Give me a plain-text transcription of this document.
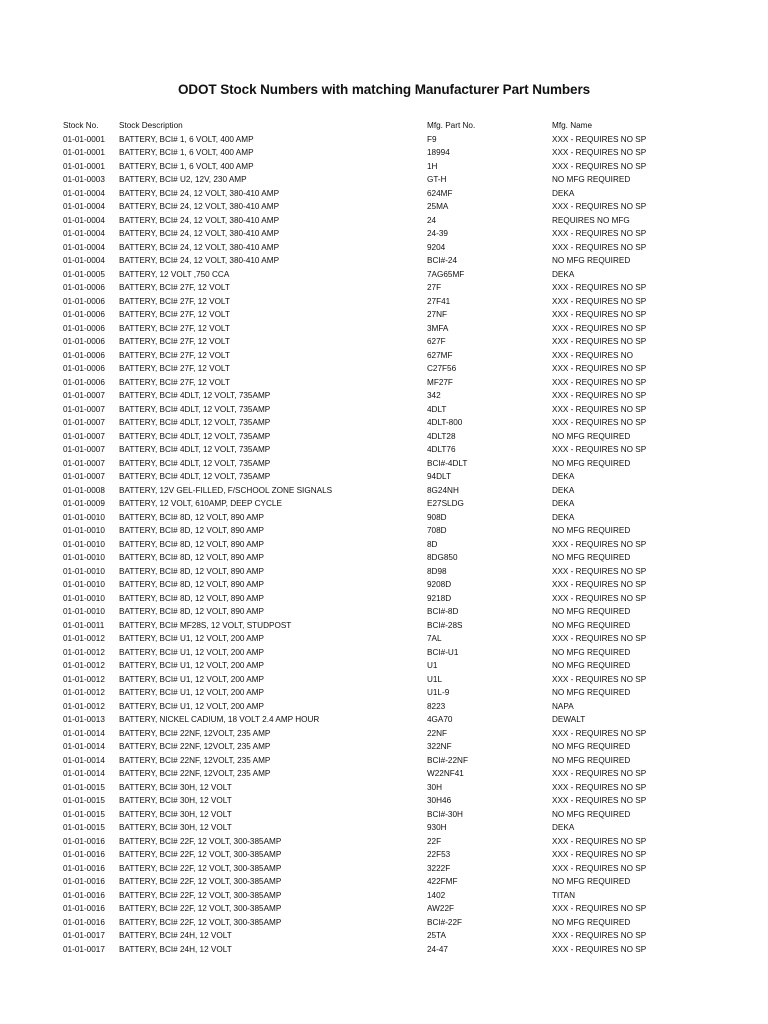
ODOT Stock Numbers with matching Manufacturer Part Numbers
Stock No.	Stock Description	Mfg. Part No.	Mfg. Name
01-01-0001 BATTERY, BCI# 1, 6 VOLT, 400 AMP	F9	XXX - REQUIRES NO SP
01-01-0001 BATTERY, BCI# 1, 6 VOLT, 400 AMP	18994	XXX - REQUIRES NO SP
01-01-0001 BATTERY, BCI# 1, 6 VOLT, 400 AMP	1H	XXX - REQUIRES NO SP
01-01-0003 BATTERY, BCI# U2, 12V, 230 AMP	GT-H	NO MFG REQUIRED
01-01-0004 BATTERY, BCI# 24, 12 VOLT, 380-410 AMP	624MF	DEKA
01-01-0004 BATTERY, BCI# 24, 12 VOLT, 380-410 AMP	25MA	XXX - REQUIRES NO SP
01-01-0004 BATTERY, BCI# 24, 12 VOLT, 380-410 AMP	24	REQUIRES NO MFG
01-01-0004 BATTERY, BCI# 24, 12 VOLT, 380-410 AMP	24-39	XXX - REQUIRES NO SP
01-01-0004 BATTERY, BCI# 24, 12 VOLT, 380-410 AMP	9204	XXX - REQUIRES NO SP
01-01-0004 BATTERY, BCI# 24, 12 VOLT, 380-410 AMP	BCI#-24	NO MFG REQUIRED
01-01-0005 BATTERY, 12 VOLT ,750 CCA	7AG65MF	DEKA
01-01-0006 BATTERY, BCI# 27F, 12 VOLT	27F	XXX - REQUIRES NO SP
01-01-0006 BATTERY, BCI# 27F, 12 VOLT	27F41	XXX - REQUIRES NO SP
01-01-0006 BATTERY, BCI# 27F, 12 VOLT	27NF	XXX - REQUIRES NO SP
01-01-0006 BATTERY, BCI# 27F, 12 VOLT	3MFA	XXX - REQUIRES NO SP
01-01-0006 BATTERY, BCI# 27F, 12 VOLT	627F	XXX - REQUIRES NO SP
01-01-0006 BATTERY, BCI# 27F, 12 VOLT	627MF	XXX - REQUIRES NO
01-01-0006 BATTERY, BCI# 27F, 12 VOLT	C27F56	XXX - REQUIRES NO SP
01-01-0006 BATTERY, BCI# 27F, 12 VOLT	MF27F	XXX - REQUIRES NO SP
01-01-0007 BATTERY, BCI# 4DLT, 12 VOLT, 735AMP	342	XXX - REQUIRES NO SP
01-01-0007 BATTERY, BCI# 4DLT, 12 VOLT, 735AMP	4DLT	XXX - REQUIRES NO SP
01-01-0007 BATTERY, BCI# 4DLT, 12 VOLT, 735AMP	4DLT-800	XXX - REQUIRES NO SP
01-01-0007 BATTERY, BCI# 4DLT, 12 VOLT, 735AMP	4DLT28	NO MFG REQUIRED
01-01-0007 BATTERY, BCI# 4DLT, 12 VOLT, 735AMP	4DLT76	XXX - REQUIRES NO SP
01-01-0007 BATTERY, BCI# 4DLT, 12 VOLT, 735AMP	BCI#-4DLT	NO MFG REQUIRED
01-01-0007 BATTERY, BCI# 4DLT, 12 VOLT, 735AMP	94DLT	DEKA
01-01-0008 BATTERY, 12V GEL-FILLED, F/SCHOOL ZONE SIGNALS	8G24NH	DEKA
01-01-0009 BATTERY, 12 VOLT, 610AMP, DEEP CYCLE	E27SLDG	DEKA
01-01-0010 BATTERY, BCI# 8D, 12 VOLT, 890 AMP	908D	DEKA
01-01-0010 BATTERY, BCI# 8D, 12 VOLT, 890 AMP	708D	NO MFG REQUIRED
01-01-0010 BATTERY, BCI# 8D, 12 VOLT, 890 AMP	8D	XXX - REQUIRES NO SP
01-01-0010 BATTERY, BCI# 8D, 12 VOLT, 890 AMP	8DG850	NO MFG REQUIRED
01-01-0010 BATTERY, BCI# 8D, 12 VOLT, 890 AMP	8D98	XXX - REQUIRES NO SP
01-01-0010 BATTERY, BCI# 8D, 12 VOLT, 890 AMP	9208D	XXX - REQUIRES NO SP
01-01-0010 BATTERY, BCI# 8D, 12 VOLT, 890 AMP	9218D	XXX - REQUIRES NO SP
01-01-0010 BATTERY, BCI# 8D, 12 VOLT, 890 AMP	BCI#-8D	NO MFG REQUIRED
01-01-0011 BATTERY, BCI# MF28S, 12 VOLT, STUDPOST	BCI#-28S	NO MFG REQUIRED
01-01-0012 BATTERY, BCI# U1, 12 VOLT, 200 AMP	7AL	XXX - REQUIRES NO SP
01-01-0012 BATTERY, BCI# U1, 12 VOLT, 200 AMP	BCI#-U1	NO MFG REQUIRED
01-01-0012 BATTERY, BCI# U1, 12 VOLT, 200 AMP	U1	NO MFG REQUIRED
01-01-0012 BATTERY, BCI# U1, 12 VOLT, 200 AMP	U1L	XXX - REQUIRES NO SP
01-01-0012 BATTERY, BCI# U1, 12 VOLT, 200 AMP	U1L-9	NO MFG REQUIRED
01-01-0012 BATTERY, BCI# U1, 12 VOLT, 200 AMP	8223	NAPA
01-01-0013 BATTERY, NICKEL CADIUM, 18 VOLT 2.4 AMP HOUR	4GA70	DEWALT
01-01-0014 BATTERY, BCI# 22NF, 12VOLT, 235 AMP	22NF	XXX - REQUIRES NO SP
01-01-0014 BATTERY, BCI# 22NF, 12VOLT, 235 AMP	322NF	NO MFG REQUIRED
01-01-0014 BATTERY, BCI# 22NF, 12VOLT, 235 AMP	BCI#-22NF	NO MFG REQUIRED
01-01-0014 BATTERY, BCI# 22NF, 12VOLT, 235 AMP	W22NF41	XXX - REQUIRES NO SP
01-01-0015 BATTERY, BCI# 30H, 12 VOLT	30H	XXX - REQUIRES NO SP
01-01-0015 BATTERY, BCI# 30H, 12 VOLT	30H46	XXX - REQUIRES NO SP
01-01-0015 BATTERY, BCI# 30H, 12 VOLT	BCI#-30H	NO MFG REQUIRED
01-01-0015 BATTERY, BCI# 30H, 12 VOLT	930H	DEKA
01-01-0016 BATTERY, BCI# 22F, 12 VOLT, 300-385AMP	22F	XXX - REQUIRES NO SP
01-01-0016 BATTERY, BCI# 22F, 12 VOLT, 300-385AMP	22F53	XXX - REQUIRES NO SP
01-01-0016 BATTERY, BCI# 22F, 12 VOLT, 300-385AMP	3222F	XXX - REQUIRES NO SP
01-01-0016 BATTERY, BCI# 22F, 12 VOLT, 300-385AMP	422FMF	NO MFG REQUIRED
01-01-0016 BATTERY, BCI# 22F, 12 VOLT, 300-385AMP	1402	TITAN
01-01-0016 BATTERY, BCI# 22F, 12 VOLT, 300-385AMP	AW22F	XXX - REQUIRES NO SP
01-01-0016 BATTERY, BCI# 22F, 12 VOLT, 300-385AMP	BCI#-22F	NO MFG REQUIRED
01-01-0017 BATTERY, BCI# 24H, 12 VOLT	25TA	XXX - REQUIRES NO SP
01-01-0017 BATTERY, BCI# 24H, 12 VOLT	24-47	XXX - REQUIRES NO SP
